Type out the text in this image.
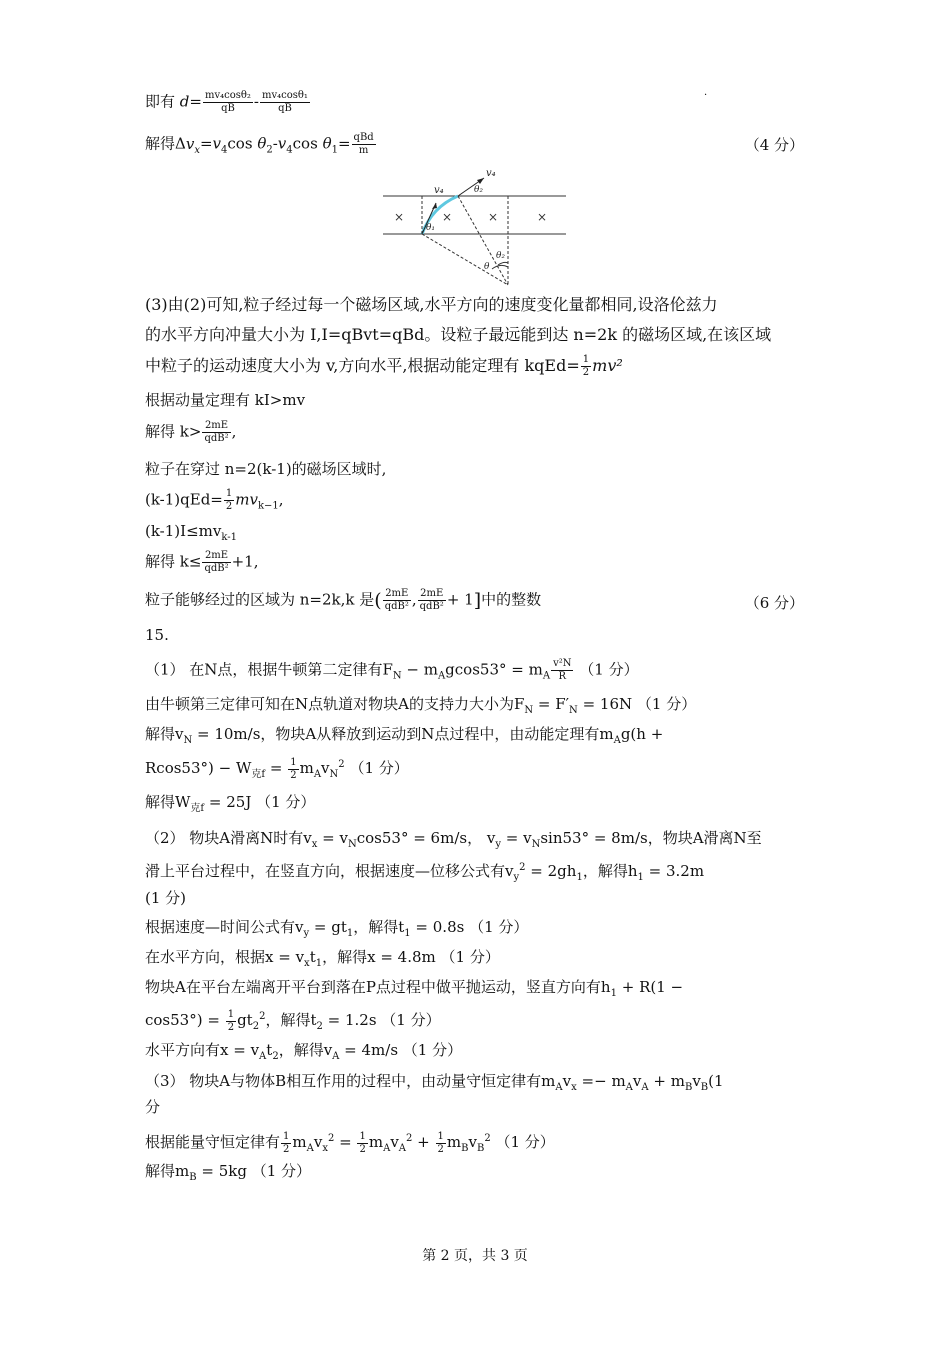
即有 $d= \frac{\text{mv₄cosθ₂}}{qB} - \frac{\text{mv₄cosθ₁}}{qB}$	·
解得$\Delta v_x=v_4\cos$ $\theta_2-v_4\cos$ $\theta_1= \frac{\text{qBd}}{m}$	（4 分）
×	×	×	×
v₄
v₄	θ₂
θ₁
θ₂
θ
(3)由(2)可知,粒子经过每一个磁场区域,水平方向的速度变化量都相同,设洛伦兹力
的水平方向冲量大小为 I,I=qBvt=qBd。设粒子最远能到达 n=2k 的磁场区域,在该区域
中粒子的运动速度大小为 v,方向水平,根据动能定理有 kqEd= $\frac{1}{2} mv^2$
根据动量定理有 kI>mv
解得 $k> \frac{2mE}{\text{qdB²}}$ ,
粒子在穿过 n=2(k-1)的磁场区域时,
$(k-1)qEd= \frac{1}{2} mv_{k-1}$,
$(k-1)I\le mv_{k-1}$
解得 $k\le \frac{2mE}{\text{qdB²}} +1$,
粒子能够经过的区域为 n=2k,k 是( $\frac{2mE}{\text{qdB²}}$ , $\frac{2mE}{\text{qdB²}} + 1$]中的整数	（6 分）
15.
（1） 在N点，根据牛顿第二定律有$F_N - m_Agcos53^\circ = m_A \frac{\text{v²N}}{R} (1$ 分）
由牛顿第三定律可知在N点轨道对物块A的支持力大小为$F_N = F'_N = 16N$ （1 分）
解得$v_N = 10m/s$，物块A从释放到运动到N点过程中，由动能定理有$m_Ag(h$ +
$Rcos53^\circ) - W_{克f} = \frac{1}{2} m_Av_N^2$ （1 分）
解得$W_{克f} = 25J$ （1 分）
（2） 物块A滑离N时有$v_x = v_N\cos 53^\circ = 6m/s$， $v_y = v_N\sin 53^\circ = 8m/s$，物块A滑离N至
滑上平台过程中，在竖直方向，根据速度—位移公式有$v_y^2 = 2gh_1$，解得$h_1 = 3.2m$
(1 分)
根据速度—时间公式有$v_y = gt_1$，解得$t_1 = 0.8s$ （1 分）
在水平方向，根据$x = v_xt_1$，解得x = 4.8m （1 分）
物块A在平台左端离开平台到落在P点过程中做平抛运动，竖直方向有$h_1 + R(1$ −
$\cos 53^\circ) = \frac{1}{2} gt_2^2$，解得$t_2 = 1.2s$ （1 分）
水平方向有$x = v_At_2$，解得$v_A = 4m/s$ （1 分）
（3） 物块A与物体B相互作用的过程中，由动量守恒定律有$m_Av_x =- m_Av_A + m_Bv_B(1$
分
根据能量守恒定律有 $\frac{1}{2} m_Av_x^2 = \frac{1}{2} m_Av_A^2 + \frac{1}{2} m_Bv_B^2$ （1 分）
解得$m_B = 5kg$ （1 分）
第 2 页，共 3 页
